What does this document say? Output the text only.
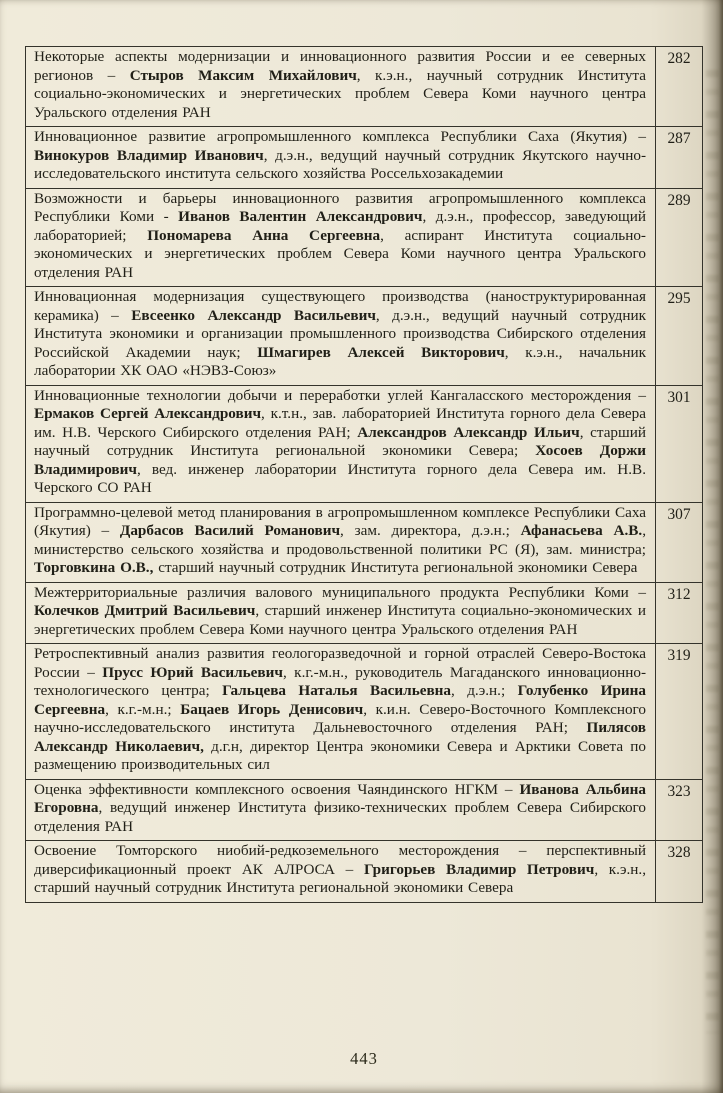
Некоторые аспекты модернизации и инновационного развития России и ее северных регионов – Стыров Максим Михайлович, к.э.н., научный сотрудник Института социально-экономических и энергетических проблем Севера Коми научного центра Уральского отделения РАН	282
Инновационное развитие агропромышленного комплекса Республики Саха (Якутия) – Винокуров Владимир Иванович, д.э.н., ведущий научный сотрудник Якутского научно-исследовательского института сельского хозяйства Россельхозакадемии	287
Возможности и барьеры инновационного развития агропромышленного комплекса Республики Коми - Иванов Валентин Александрович, д.э.н., профессор, заведующий лабораторией; Пономарева Анна Сергеевна, аспирант Института социально-экономических и энергетических проблем Севера Коми научного центра Уральского отделения РАН	289
Инновационная модернизация существующего производства (наноструктурированная керамика) – Евсеенко Александр Васильевич, д.э.н., ведущий научный сотрудник Института экономики и организации промышленного производства Сибирского отделения Российской Академии наук; Шмагирев Алексей Викторович, к.э.н., начальник лаборатории ХК ОАО «НЭВЗ-Союз»	295
Инновационные технологии добычи и переработки углей Кангаласского месторождения – Ермаков Сергей Александрович, к.т.н., зав. лабораторией Института горного дела Севера им. Н.В. Черского Сибирского отделения РАН; Александров Александр Ильич, старший научный сотрудник Института региональной экономики Севера; Хосоев Доржи Владимирович, вед. инженер лаборатории Института горного дела Севера им. Н.В. Черского СО РАН	301
Программно-целевой метод планирования в агропромышленном комплексе Республики Саха (Якутия) – Дарбасов Василий Романович, зам. директора, д.э.н.; Афанасьева А.В., министерство сельского хозяйства и продовольственной политики РС (Я), зам. министра; Торговкина О.В., старший научный сотрудник Института региональной экономики Севера	307
Межтерриториальные различия валового муниципального продукта Республики Коми – Колечков Дмитрий Васильевич, старший инженер Института социально-экономических и энергетических проблем Севера Коми научного центра Уральского отделения РАН	312
Ретроспективный анализ развития геологоразведочной и горной отраслей Северо-Востока России – Прусс Юрий Васильевич, к.г.-м.н., руководитель Магаданского инновационно-технологического центра; Гальцева Наталья Васильевна, д.э.н.; Голубенко Ирина Сергеевна, к.г.-м.н.; Бацаев Игорь Денисович, к.и.н. Северо-Восточного Комплексного научно-исследовательского института Дальневосточного отделения РАН; Пилясов Александр Николаевич, д.г.н, директор Центра экономики Севера и Арктики Совета по размещению производительных сил	319
Оценка эффективности комплексного освоения Чаяндинского НГКМ – Иванова Альбина Егоровна, ведущий инженер Института физико-технических проблем Севера Сибирского отделения РАН	323
Освоение Томторского ниобий-редкоземельного месторождения – перспективный диверсификационный проект АК АЛРОСА – Григорьев Владимир Петрович, к.э.н., старший научный сотрудник Института региональной экономики Севера	328
443
